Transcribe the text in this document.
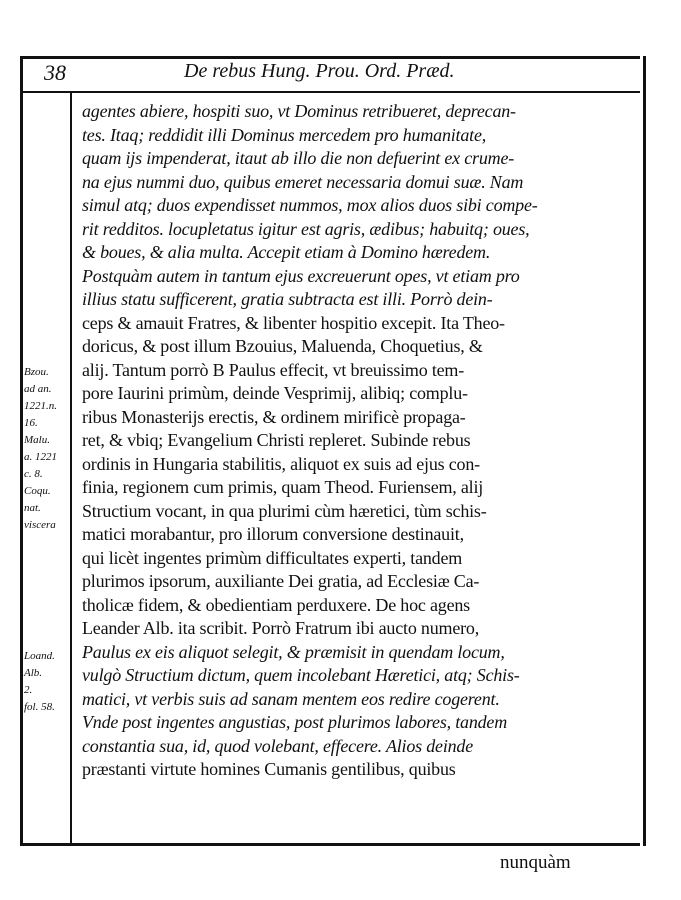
38	De rebus Hung. Prou. Ord. Præd.
Bzou.
ad an.
1221.n.
16.
Malu.
a. 1221
c. 8.
Coqu.
nat.
viscera
Loand.
Alb.
2.
fol. 58.
agentes abiere, hospiti suo, vt Dominus retribueret, deprecan-
tes. Itaq; reddidit illi Dominus mercedem pro humanitate,
quam ijs impenderat, itaut ab illo die non defuerint ex crume-
na ejus nummi duo, quibus emeret necessaria domui suæ. Nam
simul atq; duos expendisset nummos, mox alios duos sibi compe-
rit redditos. locupletatus igitur est agris, ædibus; habuitq; oues,
& boues, & alia multa. Accepit etiam à Domino hæredem.
Postquàm autem in tantum ejus excreuerunt opes, vt etiam pro
illius statu sufficerent, gratia subtracta est illi. Porrò dein-
ceps & amauit Fratres, & libenter hospitio excepit. Ita Theo-
doricus, & post illum Bzouius, Maluenda, Choquetius, &
alij. Tantum porrò B Paulus effecit, vt breuissimo tem-
pore Iaurini primùm, deinde Vesprimij, alibiq; complu-
ribus Monasterijs erectis, & ordinem mirificè propaga-
ret, & vbiq; Evangelium Christi repleret. Subinde rebus
ordinis in Hungaria stabilitis, aliquot ex suis ad ejus con-
finia, regionem cum primis, quam Theod. Furiensem, alij
Structium vocant, in qua plurimi cùm hæretici, tùm schis-
matici morabantur, pro illorum conversione destinauit,
qui licèt ingentes primùm difficultates experti, tandem
plurimos ipsorum, auxiliante Dei gratia, ad Ecclesiæ Ca-
tholicæ fidem, & obedientiam perduxere. De hoc agens
Leander Alb. ita scribit. Porrò Fratrum ibi aucto numero,
Paulus ex eis aliquot selegit, & præmisit in quendam locum,
vulgò Structium dictum, quem incolebant Hæretici, atq; Schis-
matici, vt verbis suis ad sanam mentem eos redire cogerent.
Vnde post ingentes angustias, post plurimos labores, tandem
constantia sua, id, quod volebant, effecere. Alios deinde
præstanti virtute homines Cumanis gentilibus, quibus
nunquàm
